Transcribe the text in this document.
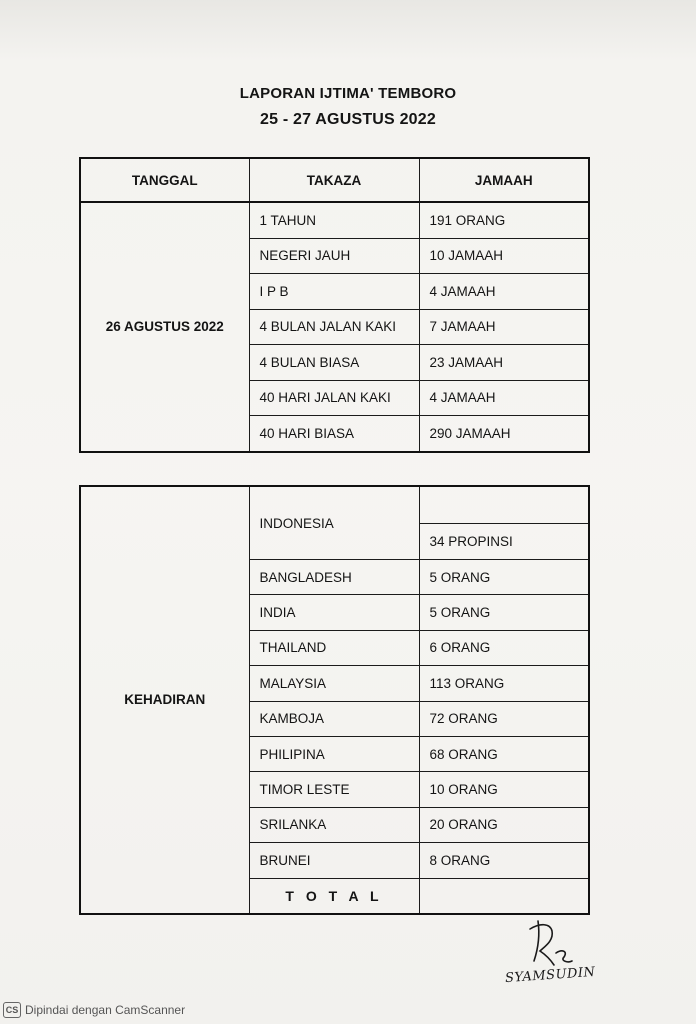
LAPORAN IJTIMA' TEMBORO
25 - 27 AGUSTUS 2022
TANGGAL	TAKAZA	JAMAAH
26 AGUSTUS 2022	1 TAHUN	191 ORANG
	NEGERI JAUH	10 JAMAAH
	I P B	4 JAMAAH
	4 BULAN JALAN KAKI	7 JAMAAH
	4 BULAN BIASA	23 JAMAAH
	40 HARI JALAN KAKI	4 JAMAAH
	40 HARI BIASA	290 JAMAAH
KEHADIRAN	INDONESIA	
		34 PROPINSI
	BANGLADESH	5 ORANG
	INDIA	5 ORANG
	THAILAND	6 ORANG
	MALAYSIA	113 ORANG
	KAMBOJA	72 ORANG
	PHILIPINA	68 ORANG
	TIMOR LESTE	10 ORANG
	SRILANKA	20 ORANG
	BRUNEI	8 ORANG
	T O T A L	
SYAMSUDIN
CS Dipindai dengan CamScanner
